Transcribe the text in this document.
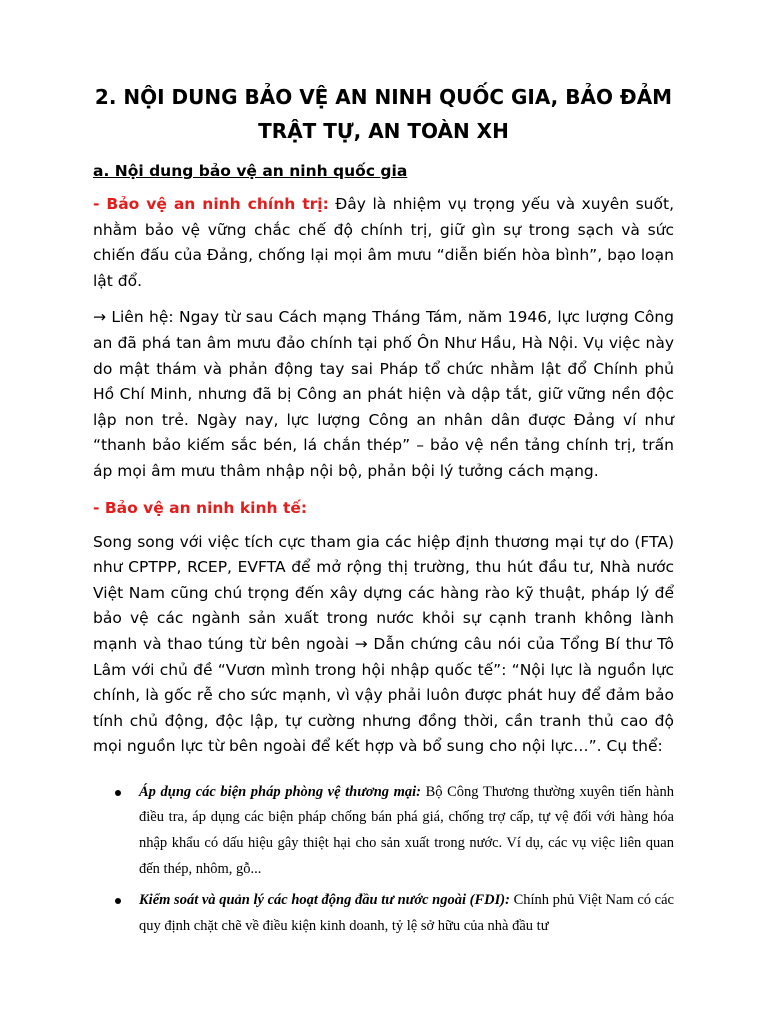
2. NỘI DUNG BẢO VỆ AN NINH QUỐC GIA, BẢO ĐẢM TRẬT TỰ, AN TOÀN XH
a. Nội dung bảo vệ an ninh quốc gia

- Bảo vệ an ninh chính trị: Đây là nhiệm vụ trọng yếu và xuyên suốt, nhằm bảo vệ vững chắc chế độ chính trị, giữ gìn sự trong sạch và sức chiến đấu của Đảng, chống lại mọi âm mưu “diễn biến hòa bình”, bạo loạn lật đổ.

→ Liên hệ: Ngay từ sau Cách mạng Tháng Tám, năm 1946, lực lượng Công an đã phá tan âm mưu đảo chính tại phố Ôn Như Hầu, Hà Nội. Vụ việc này do mật thám và phản động tay sai Pháp tổ chức nhằm lật đổ Chính phủ Hồ Chí Minh, nhưng đã bị Công an phát hiện và dập tắt, giữ vững nền độc lập non trẻ. Ngày nay, lực lượng Công an nhân dân được Đảng ví như “thanh bảo kiếm sắc bén, lá chắn thép” – bảo vệ nền tảng chính trị, trấn áp mọi âm mưu thâm nhập nội bộ, phản bội lý tưởng cách mạng.

- Bảo vệ an ninh kinh tế:

Song song với việc tích cực tham gia các hiệp định thương mại tự do (FTA) như CPTPP, RCEP, EVFTA để mở rộng thị trường, thu hút đầu tư, Nhà nước Việt Nam cũng chú trọng đến xây dựng các hàng rào kỹ thuật, pháp lý để bảo vệ các ngành sản xuất trong nước khỏi sự cạnh tranh không lành mạnh và thao túng từ bên ngoài → Dẫn chứng câu nói của Tổng Bí thư Tô Lâm với chủ đề “Vươn mình trong hội nhập quốc tế”: “Nội lực là nguồn lực chính, là gốc rễ cho sức mạnh, vì vậy phải luôn được phát huy để đảm bảo tính chủ động, độc lập, tự cường nhưng đồng thời, cần tranh thủ cao độ mọi nguồn lực từ bên ngoài để kết hợp và bổ sung cho nội lực…”. Cụ thể:

Áp dụng các biện pháp phòng vệ thương mại: Bộ Công Thương thường xuyên tiến hành điều tra, áp dụng các biện pháp chống bán phá giá, chống trợ cấp, tự vệ đối với hàng hóa nhập khẩu có dấu hiệu gây thiệt hại cho sản xuất trong nước. Ví dụ, các vụ việc liên quan đến thép, nhôm, gỗ...
Kiểm soát và quản lý các hoạt động đầu tư nước ngoài (FDI): Chính phủ Việt Nam có các quy định chặt chẽ về điều kiện kinh doanh, tỷ lệ sở hữu của nhà đầu tư
